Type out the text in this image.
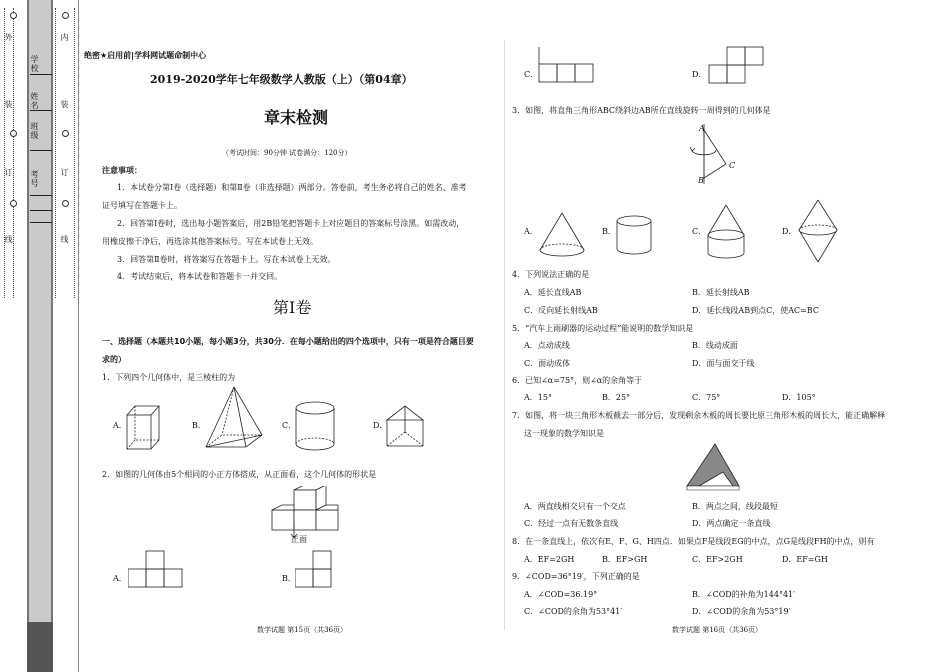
外
装
订
线
学校
姓名
班级
考号
内
装
订
线
绝密★启用前|学科网试题命制中心
2019-2020学年七年级数学人教版（上）（第04章）
章末检测
（考试时间：90分钟 试卷满分：120分）
注意事项：
1．本试卷分第Ⅰ卷（选择题）和第Ⅱ卷（非选择题）两部分。答卷前，考生务必将自己的姓名、准考
证号填写在答题卡上。
2．回答第Ⅰ卷时，选出每小题答案后，用2B铅笔把答题卡上对应题目的答案标号涂黑。如需改动，
用橡皮擦干净后，再选涂其他答案标号。写在本试卷上无效。
3．回答第Ⅱ卷时，将答案写在答题卡上。写在本试卷上无效。
4．考试结束后，将本试卷和答题卡一并交回。
第Ⅰ卷
一、选择题（本题共10小题，每小题3分，共30分．在每小题给出的四个选项中，只有一项是符合题目要
求的）
1．下列四个几何体中，是三棱柱的为
A．	B．	C．	D．
2．如图的几何体由5个相同的小正方体搭成，从正面看，这个几何体的形状是
正面
A．	B．
数学试题 第15页（共36页）
C．	D．
3．如图，将直角三角形ABC绕斜边AB所在直线旋转一周得到的几何体是
A
B
C
A．	B．	C．	D．
4．下列说法正确的是
A．延长直线AB	B．延长射线AB
C．反向延长射线AB	D．延长线段AB到点C，使AC=BC
5．“汽车上雨刷器的运动过程”能说明的数学知识是
A．点动成线	B．线动成面
C．面动成体	D．面与面交于线
6．已知∠α=75°，则∠α的余角等于
A．15°	B．25°	C．75°	D．105°
7．如图，将一块三角形木板截去一部分后，发现剩余木板的周长要比原三角形木板的周长大，能正确解释
这一现象的数学知识是
A．两直线相交只有一个交点	B．两点之间，线段最短
C．经过一点有无数条直线	D．两点确定一条直线
8．在一条直线上，依次有E、F、G、H四点．如果点F是线段EG的中点，点G是线段FH的中点，则有
A．EF=2GH	B．EF>GH	C．EF>2GH	D．EF=GH
9．∠COD=36°19′，下列正确的是
A．∠COD=36.19°	B．∠COD的补角为144°41′
C．∠COD的余角为53°41′	D．∠COD的余角为53°19′
数学试题 第16页（共36页）
